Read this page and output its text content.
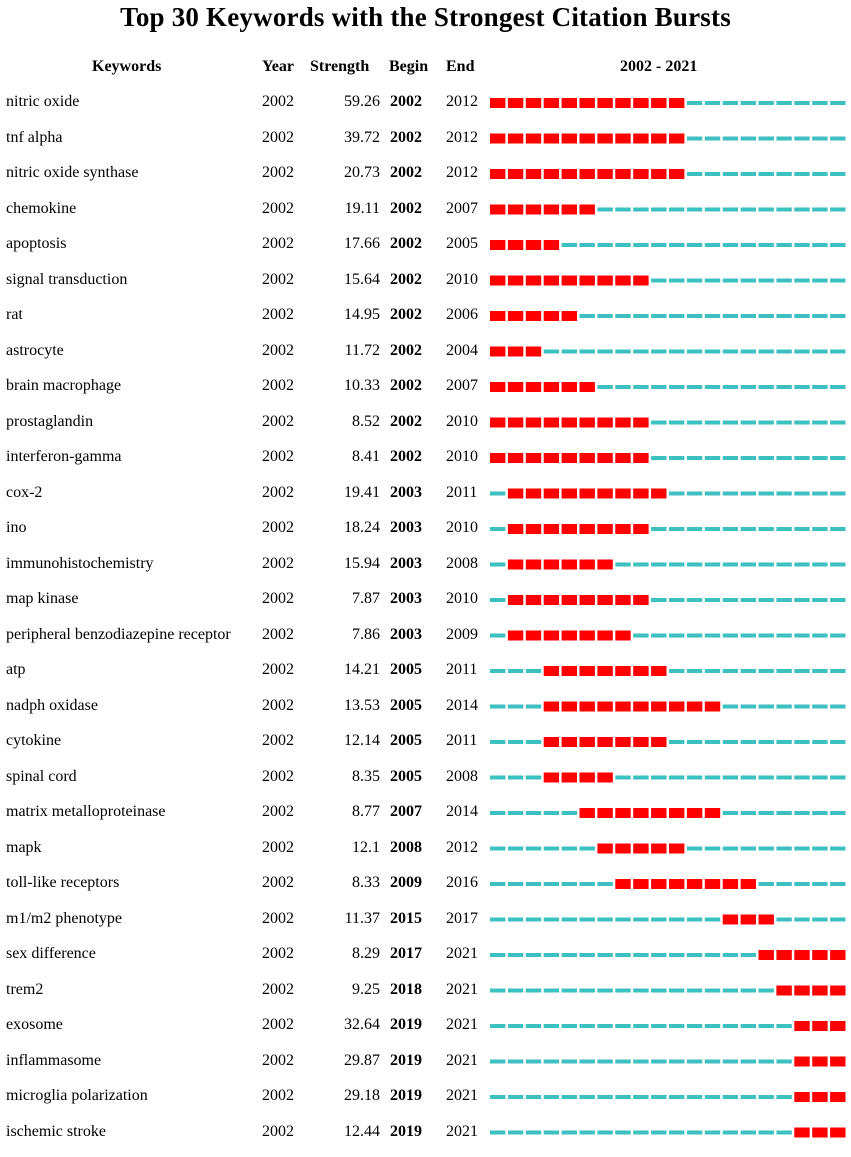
Top 30 Keywords with the Strongest Citation Bursts
Keywords	Year Strength Begin End	2002 - 2021
nitric oxide	2002	59.26 2002 2012
tnf alpha	2002	39.72 2002 2012
nitric oxide synthase	2002	20.73 2002 2012
chemokine	2002	19.11 2002 2007
apoptosis	2002	17.66 2002 2005
signal transduction	2002	15.64 2002 2010
rat	2002	14.95 2002 2006
astrocyte	2002	11.72 2002 2004
brain macrophage	2002	10.33 2002 2007
prostaglandin	2002	8.52 2002 2010
interferon-gamma	2002	8.41 2002 2010
cox-2	2002	19.41 2003 2011
ino	2002	18.24 2003 2010
immunohistochemistry	2002	15.94 2003 2008
map kinase	2002	7.87 2003 2010
peripheral benzodiazepine receptor 2002	7.86 2003 2009
atp	2002	14.21 2005 2011
nadph oxidase	2002	13.53 2005 2014
cytokine	2002	12.14 2005 2011
spinal cord	2002	8.35 2005 2008
matrix metalloproteinase	2002	8.77 2007 2014
mapk	2002	12.1 2008 2012
toll-like receptors	2002	8.33 2009 2016
m1/m2 phenotype	2002	11.37 2015 2017
sex difference	2002	8.29 2017 2021
trem2	2002	9.25 2018 2021
exosome	2002	32.64 2019 2021
inflammasome	2002	29.87 2019 2021
microglia polarization	2002	29.18 2019 2021
ischemic stroke	2002	12.44 2019 2021
